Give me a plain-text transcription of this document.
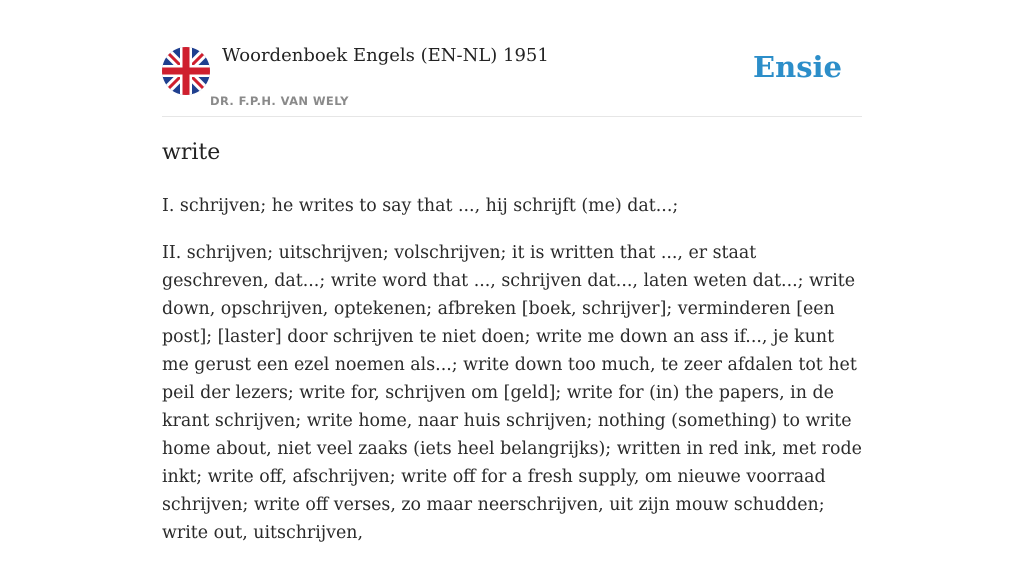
Woordenboek Engels (EN-NL) 1951
DR. F.P.H. VAN WELY
Ensie
write

I. schrijven; he writes to say that ..., hij schrijft (me) dat...;

II. schrijven; uitschrijven; volschrijven; it is written that ..., er staat geschreven, dat...; write word that ..., schrijven dat..., laten weten dat...; write down, opschrijven, optekenen; afbreken [boek, schrijver]; verminderen [een post]; [laster] door schrijven te niet doen; write me down an ass if..., je kunt me gerust een ezel noemen als...; write down too much, te zeer afdalen tot het peil der lezers; write for, schrijven om [geld]; write for (in) the papers, in de krant schrijven; write home, naar huis schrijven; nothing (something) to write home about, niet veel zaaks (iets heel belangrijks); written in red ink, met rode inkt; write off, afschrijven; write off for a fresh supply, om nieuwe voorraad schrijven; write off verses, zo maar neerschrijven, uit zijn mouw schudden; write out, uitschrijven,
